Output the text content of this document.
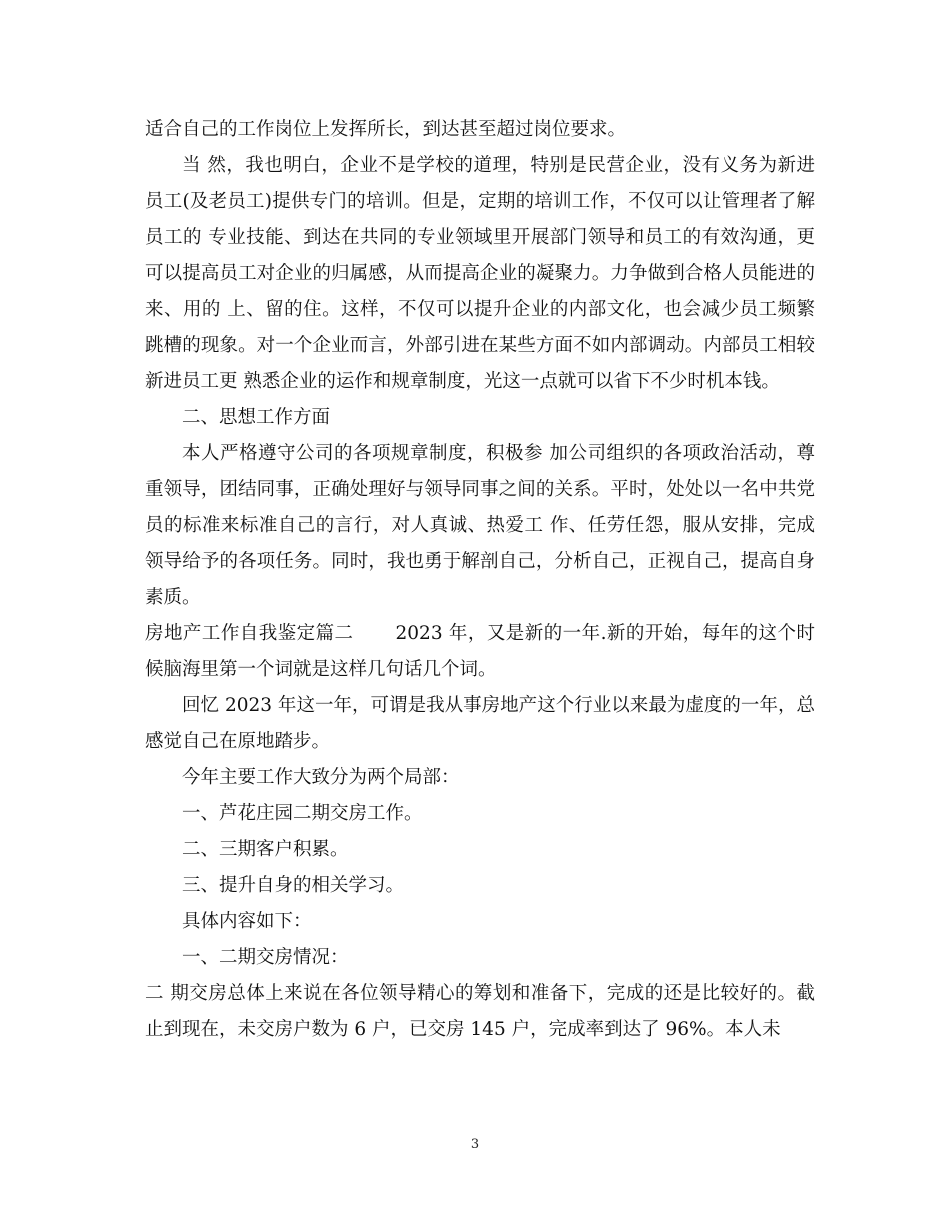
适合自己的工作岗位上发挥所长，到达甚至超过岗位要求。

当 然，我也明白，企业不是学校的道理，特别是民营企业，没有义务为新进员工(及老员工)提供专门的培训。但是，定期的培训工作，不仅可以让管理者了解员工的 专业技能、到达在共同的专业领域里开展部门领导和员工的有效沟通，更可以提高员工对企业的归属感，从而提高企业的凝聚力。力争做到合格人员能进的来、用的 上、留的住。这样，不仅可以提升企业的内部文化，也会减少员工频繁跳槽的现象。对一个企业而言，外部引进在某些方面不如内部调动。内部员工相较新进员工更 熟悉企业的运作和规章制度，光这一点就可以省下不少时机本钱。

二、思想工作方面

本人严格遵守公司的各项规章制度，积极参 加公司组织的各项政治活动，尊重领导，团结同事，正确处理好与领导同事之间的关系。平时，处处以一名中共党员的标准来标准自己的言行，对人真诚、热爱工 作、任劳任怨，服从安排，完成领导给予的各项任务。同时，我也勇于解剖自己，分析自己，正视自己，提高自身素质。

房地产工作自我鉴定篇二 2023 年，又是新的一年.新的开始，每年的这个时候脑海里第一个词就是这样几句话几个词。

回忆 2023 年这一年，可谓是我从事房地产这个行业以来最为虚度的一年，总感觉自己在原地踏步。

今年主要工作大致分为两个局部：

一、芦花庄园二期交房工作。

二、三期客户积累。

三、提升自身的相关学习。

具体内容如下：

一、二期交房情况：

二 期交房总体上来说在各位领导精心的筹划和准备下，完成的还是比较好的。截止到现在，未交房户数为 6 户，已交房 145 户，完成率到达了 96%。本人未

3
